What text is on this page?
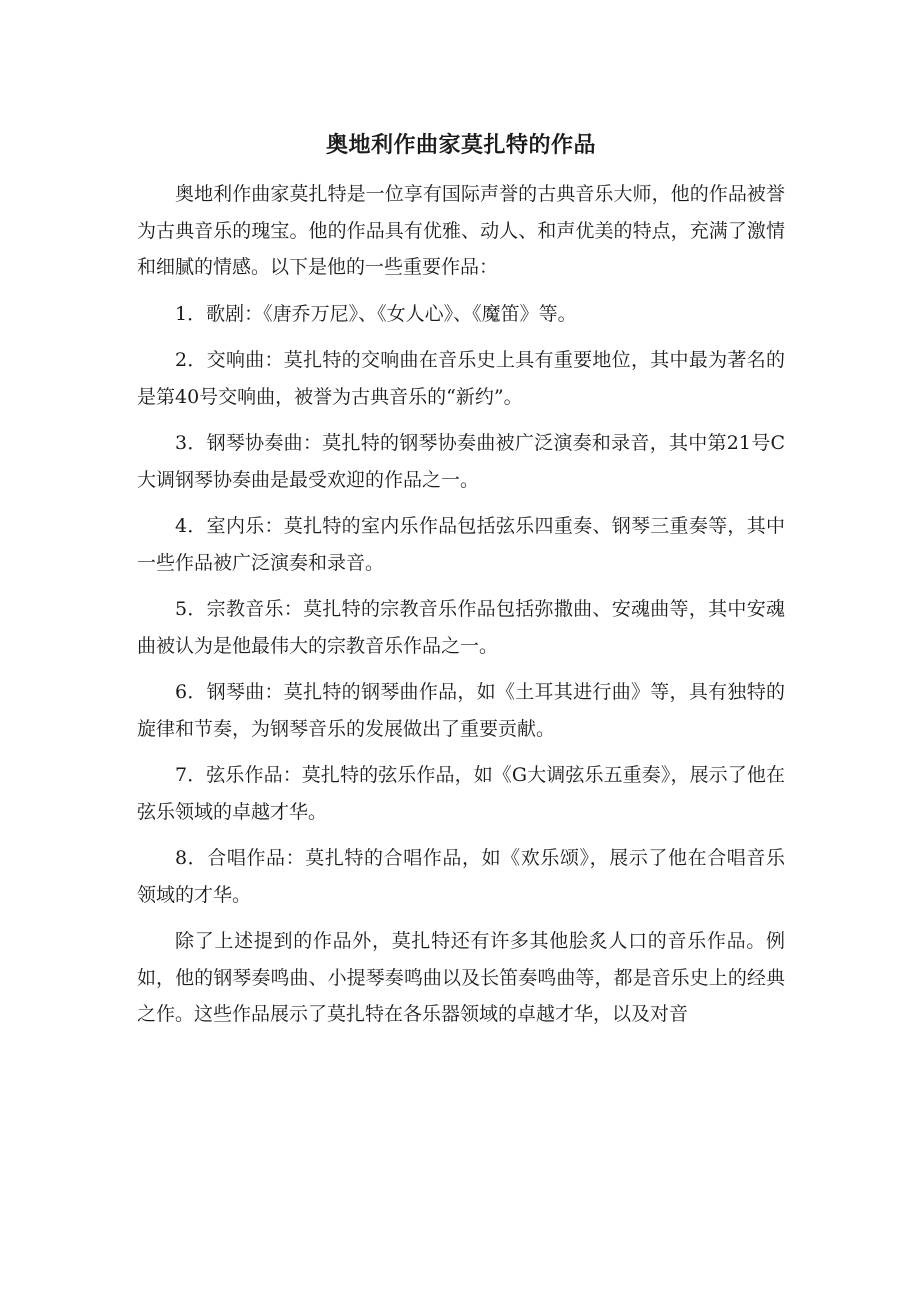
奥地利作曲家莫扎特的作品

奥地利作曲家莫扎特是一位享有国际声誉的古典音乐大师，他的作品被誉为古典音乐的瑰宝。他的作品具有优雅、动人、和声优美的特点，充满了激情和细腻的情感。以下是他的一些重要作品：

1．歌剧：《唐乔万尼》、《女人心》、《魔笛》等。

2．交响曲：莫扎特的交响曲在音乐史上具有重要地位，其中最为著名的是第40号交响曲，被誉为古典音乐的“新约”。

3．钢琴协奏曲：莫扎特的钢琴协奏曲被广泛演奏和录音，其中第21号C大调钢琴协奏曲是最受欢迎的作品之一。

4．室内乐：莫扎特的室内乐作品包括弦乐四重奏、钢琴三重奏等，其中一些作品被广泛演奏和录音。

5．宗教音乐：莫扎特的宗教音乐作品包括弥撒曲、安魂曲等，其中安魂曲被认为是他最伟大的宗教音乐作品之一。

6．钢琴曲：莫扎特的钢琴曲作品，如《土耳其进行曲》等，具有独特的旋律和节奏，为钢琴音乐的发展做出了重要贡献。

7．弦乐作品：莫扎特的弦乐作品，如《G大调弦乐五重奏》，展示了他在弦乐领域的卓越才华。

8．合唱作品：莫扎特的合唱作品，如《欢乐颂》，展示了他在合唱音乐领域的才华。

除了上述提到的作品外，莫扎特还有许多其他脍炙人口的音乐作品。例如，他的钢琴奏鸣曲、小提琴奏鸣曲以及长笛奏鸣曲等，都是音乐史上的经典之作。这些作品展示了莫扎特在各乐器领域的卓越才华，以及对音
